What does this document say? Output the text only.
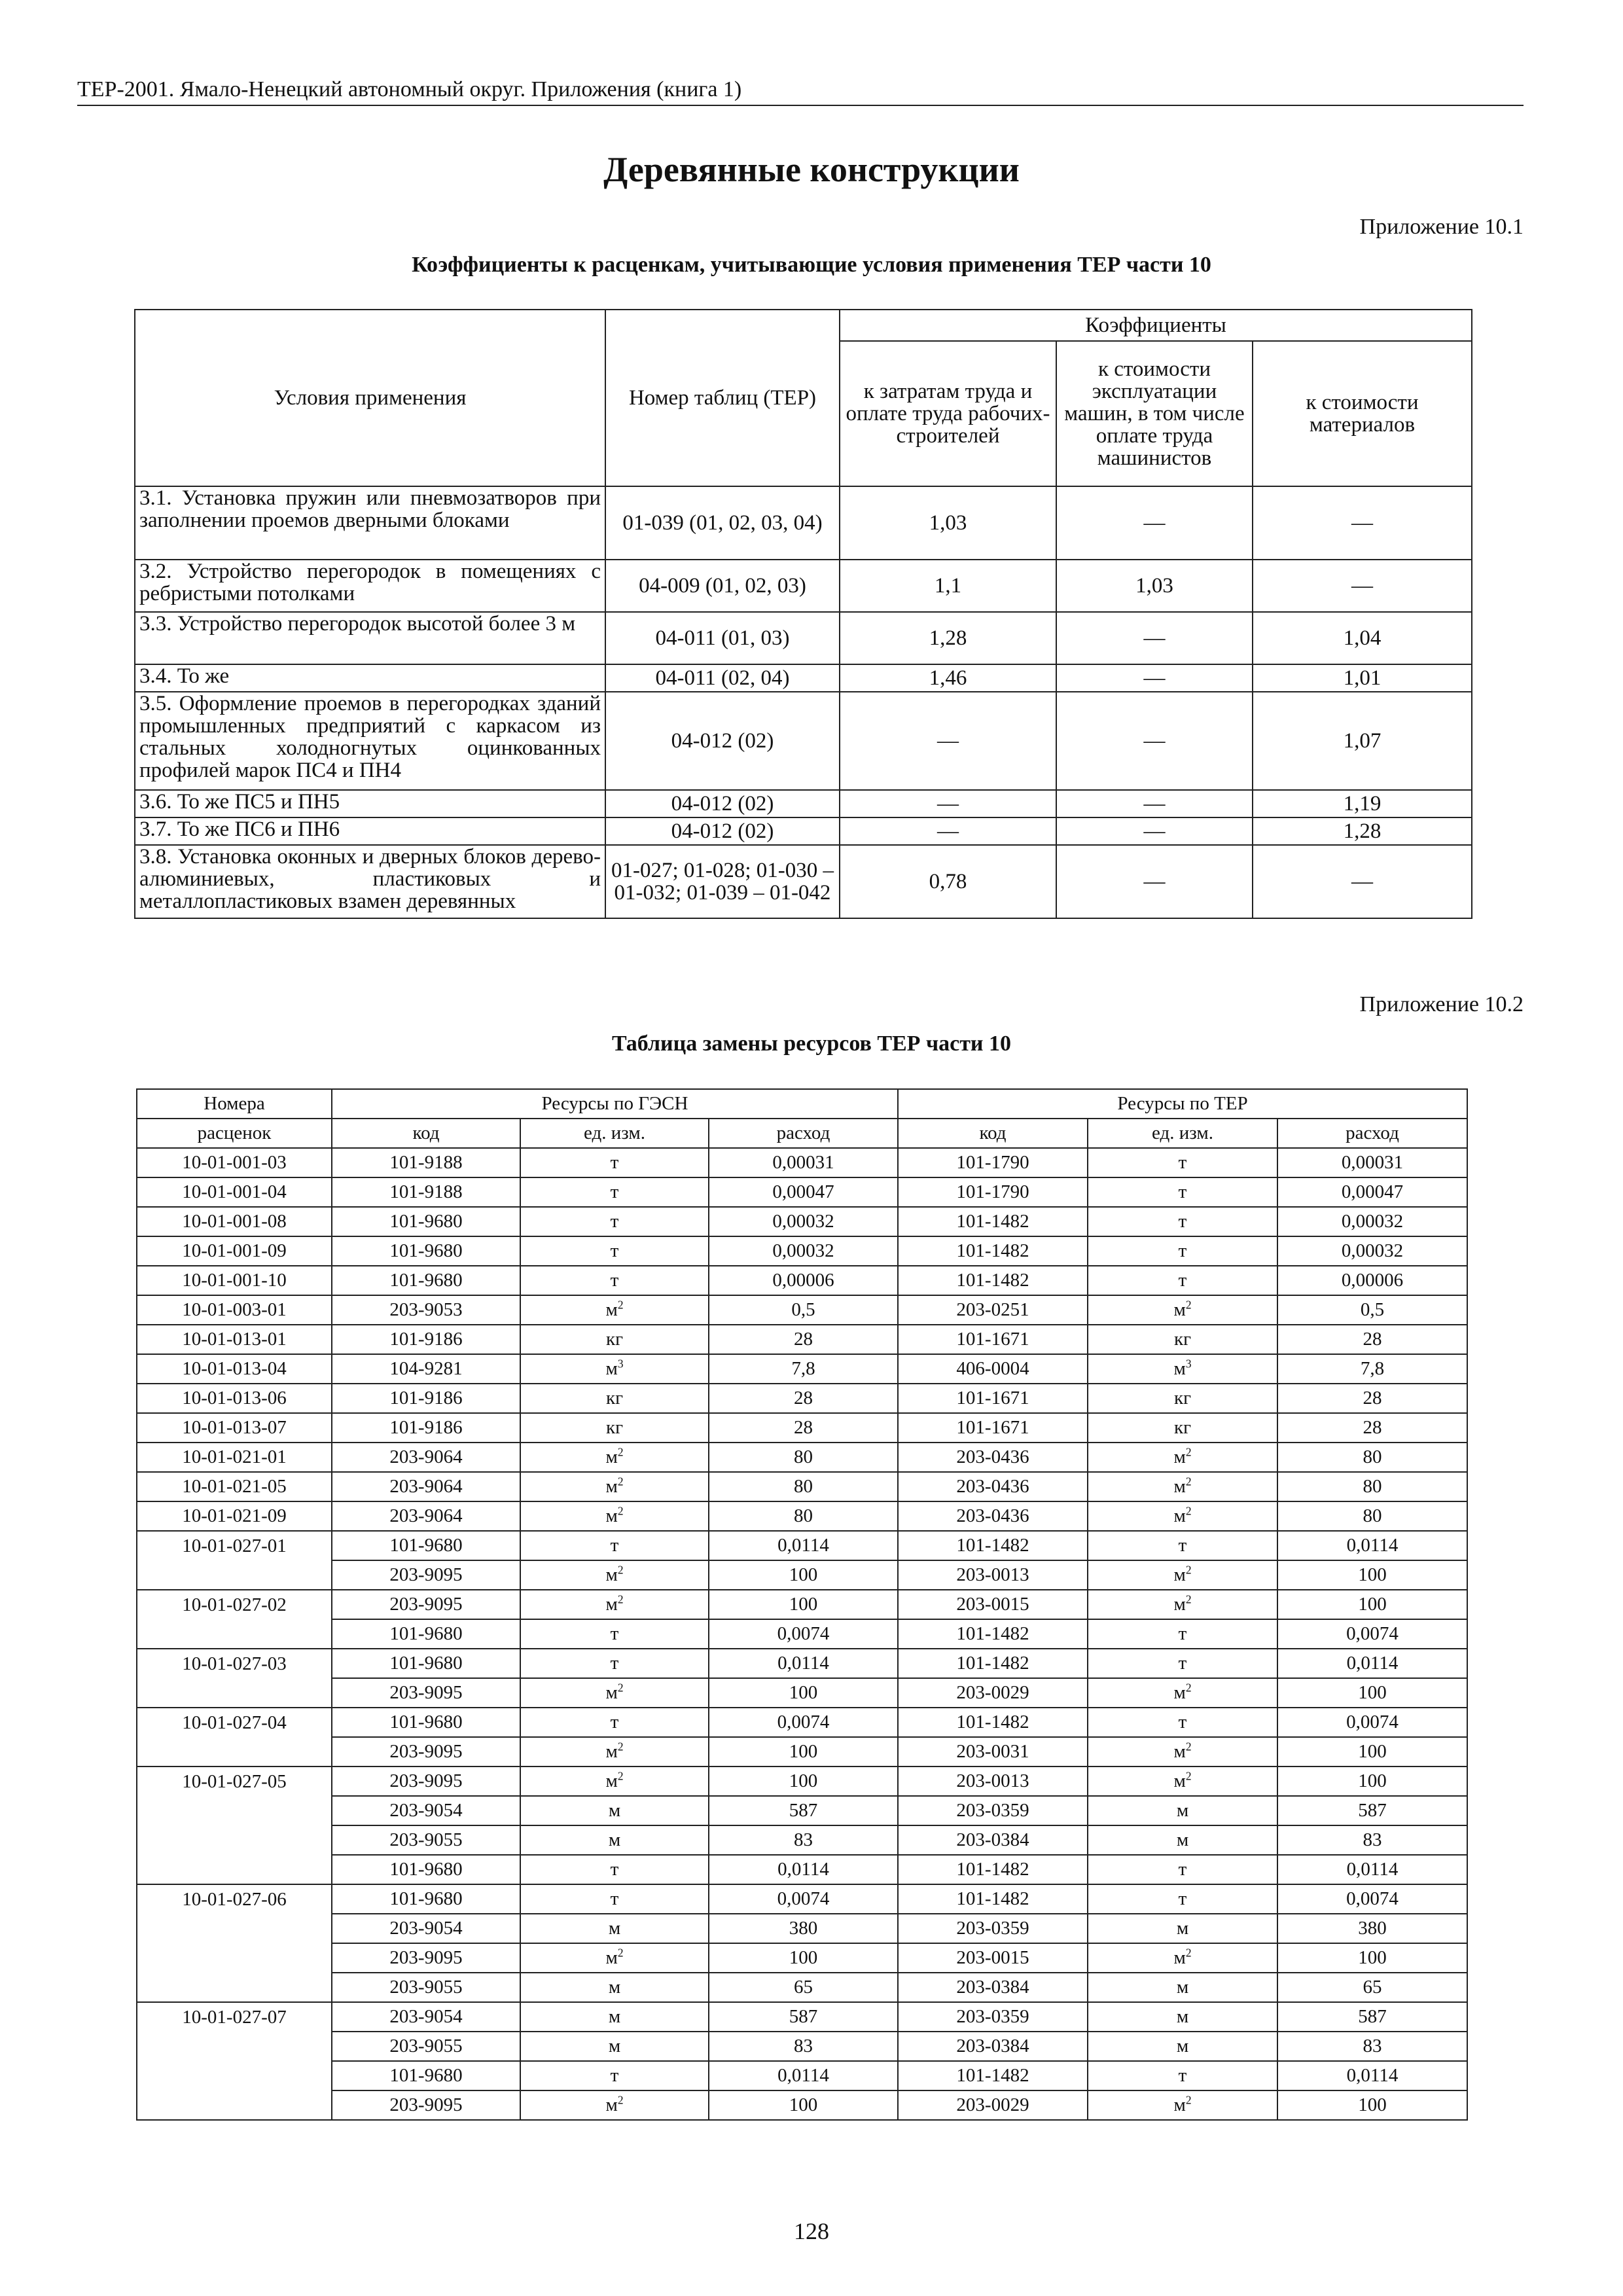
ТЕР-2001. Ямало-Ненецкий автономный округ. Приложения (книга 1)
Деревянные конструкции
Приложение 10.1
Коэффициенты к расценкам, учитывающие условия применения ТЕР части 10
Условия применения	Номер таблиц (ТЕР)	Коэффициенты		
		к затратам труда и оплате труда рабочих-строителей	к стоимости эксплуатации машин, в том числе оплате труда машинистов	к стоимости материалов
3.1. Установка пружин или пневмозатворов при заполнении проемов дверными блоками	01-039 (01, 02, 03, 04)	1,03	—	—
3.2. Устройство перегородок в помещениях с ребристыми потолками	04-009 (01, 02, 03)	1,1	1,03	—
3.3. Устройство перегородок высотой более 3 м	04-011 (01, 03)	1,28	—	1,04
3.4. То же	04-011 (02, 04)	1,46	—	1,01
3.5. Оформление проемов в перегородках зданий промышленных предприятий с каркасом из стальных холодногнутых оцинкованных профилей марок ПС4 и ПН4	04-012 (02)	—	—	1,07
3.6. То же ПС5 и ПН5	04-012 (02)	—	—	1,19
3.7. То же ПС6 и ПН6	04-012 (02)	—	—	1,28
3.8. Установка оконных и дверных блоков дерево-алюминиевых, пластиковых и металлопластиковых взамен деревянных	01-027; 01-028; 01-030 – 01-032; 01-039 – 01-042	0,78	—	—
Приложение 10.2
Таблица замены ресурсов ТЕР части 10
Номера	Ресурсы по ГЭСН			Ресурсы по ТЕР		
расценок	код	ед. изм.	расход	код	ед. изм.	расход
10-01-001-03	101-9188	т	0,00031	101-1790	т	0,00031
10-01-001-04	101-9188	т	0,00047	101-1790	т	0,00047
10-01-001-08	101-9680	т	0,00032	101-1482	т	0,00032
10-01-001-09	101-9680	т	0,00032	101-1482	т	0,00032
10-01-001-10	101-9680	т	0,00006	101-1482	т	0,00006
10-01-003-01	203-9053	$м^2$	0,5	203-0251	$м^2$	0,5
10-01-013-01	101-9186	кг	28	101-1671	кг	28
10-01-013-04	104-9281	$м^3$	7,8	406-0004	$м^3$	7,8
10-01-013-06	101-9186	кг	28	101-1671	кг	28
10-01-013-07	101-9186	кг	28	101-1671	кг	28
10-01-021-01	203-9064	$м^2$	80	203-0436	$м^2$	80
10-01-021-05	203-9064	$м^2$	80	203-0436	$м^2$	80
10-01-021-09	203-9064	$м^2$	80	203-0436	$м^2$	80
10-01-027-01	101-9680	т	0,0114	101-1482	т	0,0114
	203-9095	$м^2$	100	203-0013	$м^2$	100
10-01-027-02	203-9095	$м^2$	100	203-0015	$м^2$	100
	101-9680	т	0,0074	101-1482	т	0,0074
10-01-027-03	101-9680	т	0,0114	101-1482	т	0,0114
	203-9095	$м^2$	100	203-0029	$м^2$	100
10-01-027-04	101-9680	т	0,0074	101-1482	т	0,0074
	203-9095	$м^2$	100	203-0031	$м^2$	100
10-01-027-05	203-9095	$м^2$	100	203-0013	$м^2$	100
	203-9054	м	587	203-0359	м	587
	203-9055	м	83	203-0384	м	83
	101-9680	т	0,0114	101-1482	т	0,0114
10-01-027-06	101-9680	т	0,0074	101-1482	т	0,0074
	203-9054	м	380	203-0359	м	380
	203-9095	$м^2$	100	203-0015	$м^2$	100
	203-9055	м	65	203-0384	м	65
10-01-027-07	203-9054	м	587	203-0359	м	587
	203-9055	м	83	203-0384	м	83
	101-9680	т	0,0114	101-1482	т	0,0114
	203-9095	$м^2$	100	203-0029	$м^2$	100
128
